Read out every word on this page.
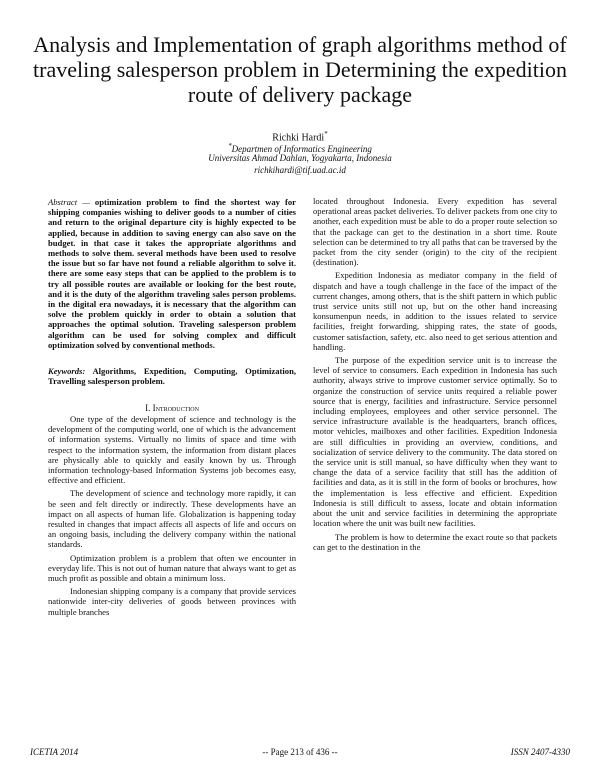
Analysis and Implementation of graph algorithms method of traveling salesperson problem in Determining the expedition route of delivery package
Richki Hardi*
*Departmen of Informatics Engineering
Universitas Ahmad Dahlan, Yogyakarta, Indonesia
richkihardi@tif.uad.ac.id
Abstract — optimization problem to find the shortest way for shipping companies wishing to deliver goods to a number of cities and return to the original departure city is highly expected to be applied, because in addition to saving energy can also save on the budget. in that case it takes the appropriate algorithms and methods to solve them. several methods have been used to resolve the issue but so far have not found a reliable algorithm to solve it. there are some easy steps that can be applied to the problem is to try all possible routes are available or looking for the best route, and it is the duty of the algorithm traveling sales person problems. in the digital era nowadays, it is necessary that the algorithm can solve the problem quickly in order to obtain a solution that approaches the optimal solution. Traveling salesperson problem algorithm can be used for solving complex and difficult optimization solved by conventional methods.
Keywords: Algorithms, Expedition, Computing, Optimization, Travelling salesperson problem.
I. Introduction

One type of the development of science and technology is the development of the computing world, one of which is the advancement of information systems. Virtually no limits of space and time with respect to the information system, the information from distant places are physically able to quickly and easily known by us. Through information technology-based Information Systems job becomes easy, effective and efficient.

The development of science and technology more rapidly, it can be seen and felt directly or indirectly. These developments have an impact on all aspects of human life. Globalization is happening today resulted in changes that impact affects all aspects of life and occurs on an ongoing basis, including the delivery company within the national standards.

Optimization problem is a problem that often we encounter in everyday life. This is not out of human nature that always want to get as much profit as possible and obtain a minimum loss.

Indonesian shipping company is a company that provide services nationwide inter-city deliveries of goods between provinces with multiple branches

located throughout Indonesia. Every expedition has several operational areas packet deliveries. To deliver packets from one city to another, each expedition must be able to do a proper route selection so that the package can get to the destination in a short time. Route selection can be determined to try all paths that can be traversed by the packet from the city sender (origin) to the city of the recipient (destination).

Expedition Indonesia as mediator company in the field of dispatch and have a tough challenge in the face of the impact of the current changes, among others, that is the shift pattern in which public trust service units still not up, but on the other hand increasing konsumenpun needs, in addition to the issues related to service facilities, freight forwarding, shipping rates, the state of goods, customer satisfaction, safety, etc. also need to get serious attention and handling.

The purpose of the expedition service unit is to increase the level of service to consumers. Each expedition in Indonesia has such authority, always strive to improve customer service optimally. So to organize the construction of service units required a reliable power source that is energy, facilities and infrastructure. Service personnel including employees, employees and other service personnel. The service infrastructure available is the headquarters, branch offices, motor vehicles, mailboxes and other facilities. Expedition Indonesia are still difficulties in providing an overview, conditions, and socialization of service delivery to the community. The data stored on the service unit is still manual, so have difficulty when they want to change the data of a service facility that still has the addition of facilities and data, as it is still in the form of books or brochures, how the implementation is less effective and efficient. Expedition Indonesia is still difficult to assess, locate and obtain information about the unit and service facilities in determining the appropriate location where the unit was built new facilities.

The problem is how to determine the exact route so that packets can get to the destination in the

ICETIA 2014	-- Page 213 of 436 --	ISSN 2407-4330
